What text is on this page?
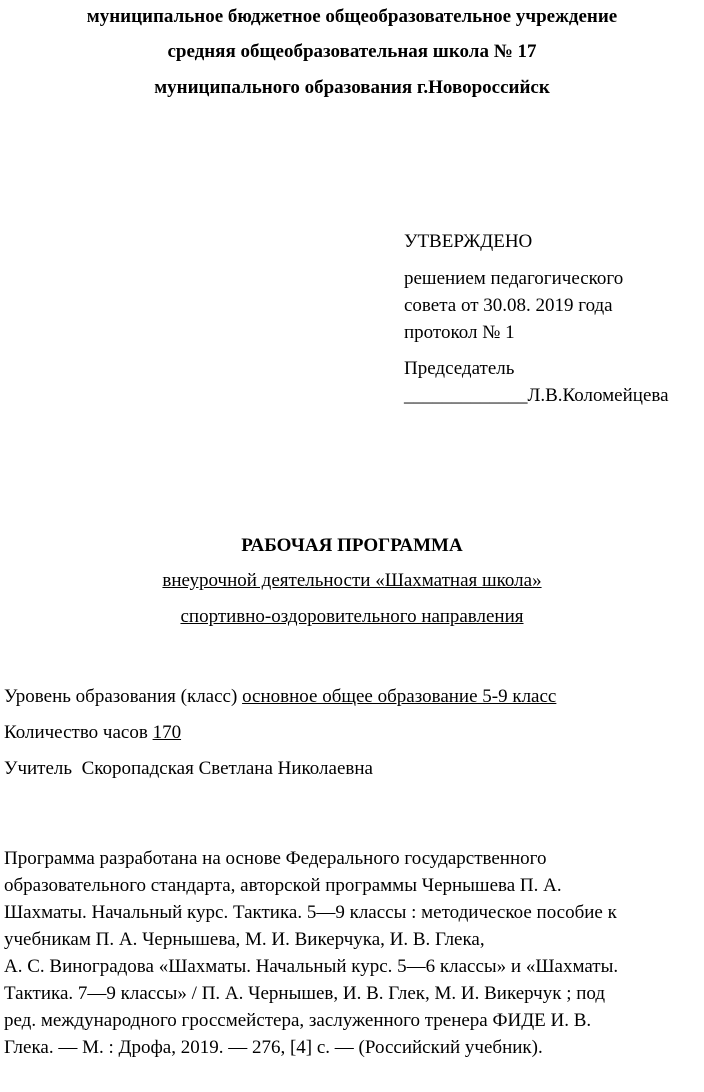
муниципальное бюджетное общеобразовательное учреждение
средняя общеобразовательная школа № 17
муниципального образования г.Новороссийск
УТВЕРЖДЕНО
решением педагогического
совета от 30.08. 2019 года
протокол № 1
Председатель
_____________Л.В.Коломейцева
РАБОЧАЯ ПРОГРАММА
внеурочной деятельности «Шахматная школа»
спортивно-оздоровительного направления
Уровень образования (класс) основное общее образование 5-9 класс
Количество часов 170
Учитель  Скоропадская Светлана Николаевна
Программа разработана на основе Федерального государственного
образовательного стандарта, авторской программы Чернышева П. А.
Шахматы. Начальный курс. Тактика. 5—9 классы : методическое пособие к
учебникам П. А. Чернышева, М. И. Викерчука, И. В. Глека,
А. С. Виноградова «Шахматы. Начальный курс. 5—6 классы» и «Шахматы.
Тактика. 7—9 классы» / П. А. Чернышев, И. В. Глек, М. И. Викерчук ; под
ред. международного гроссмейстера, заслуженного тренера ФИДЕ И. В.
Глека. — М. : Дрофа, 2019. — 276, [4] с. — (Российский учебник).
